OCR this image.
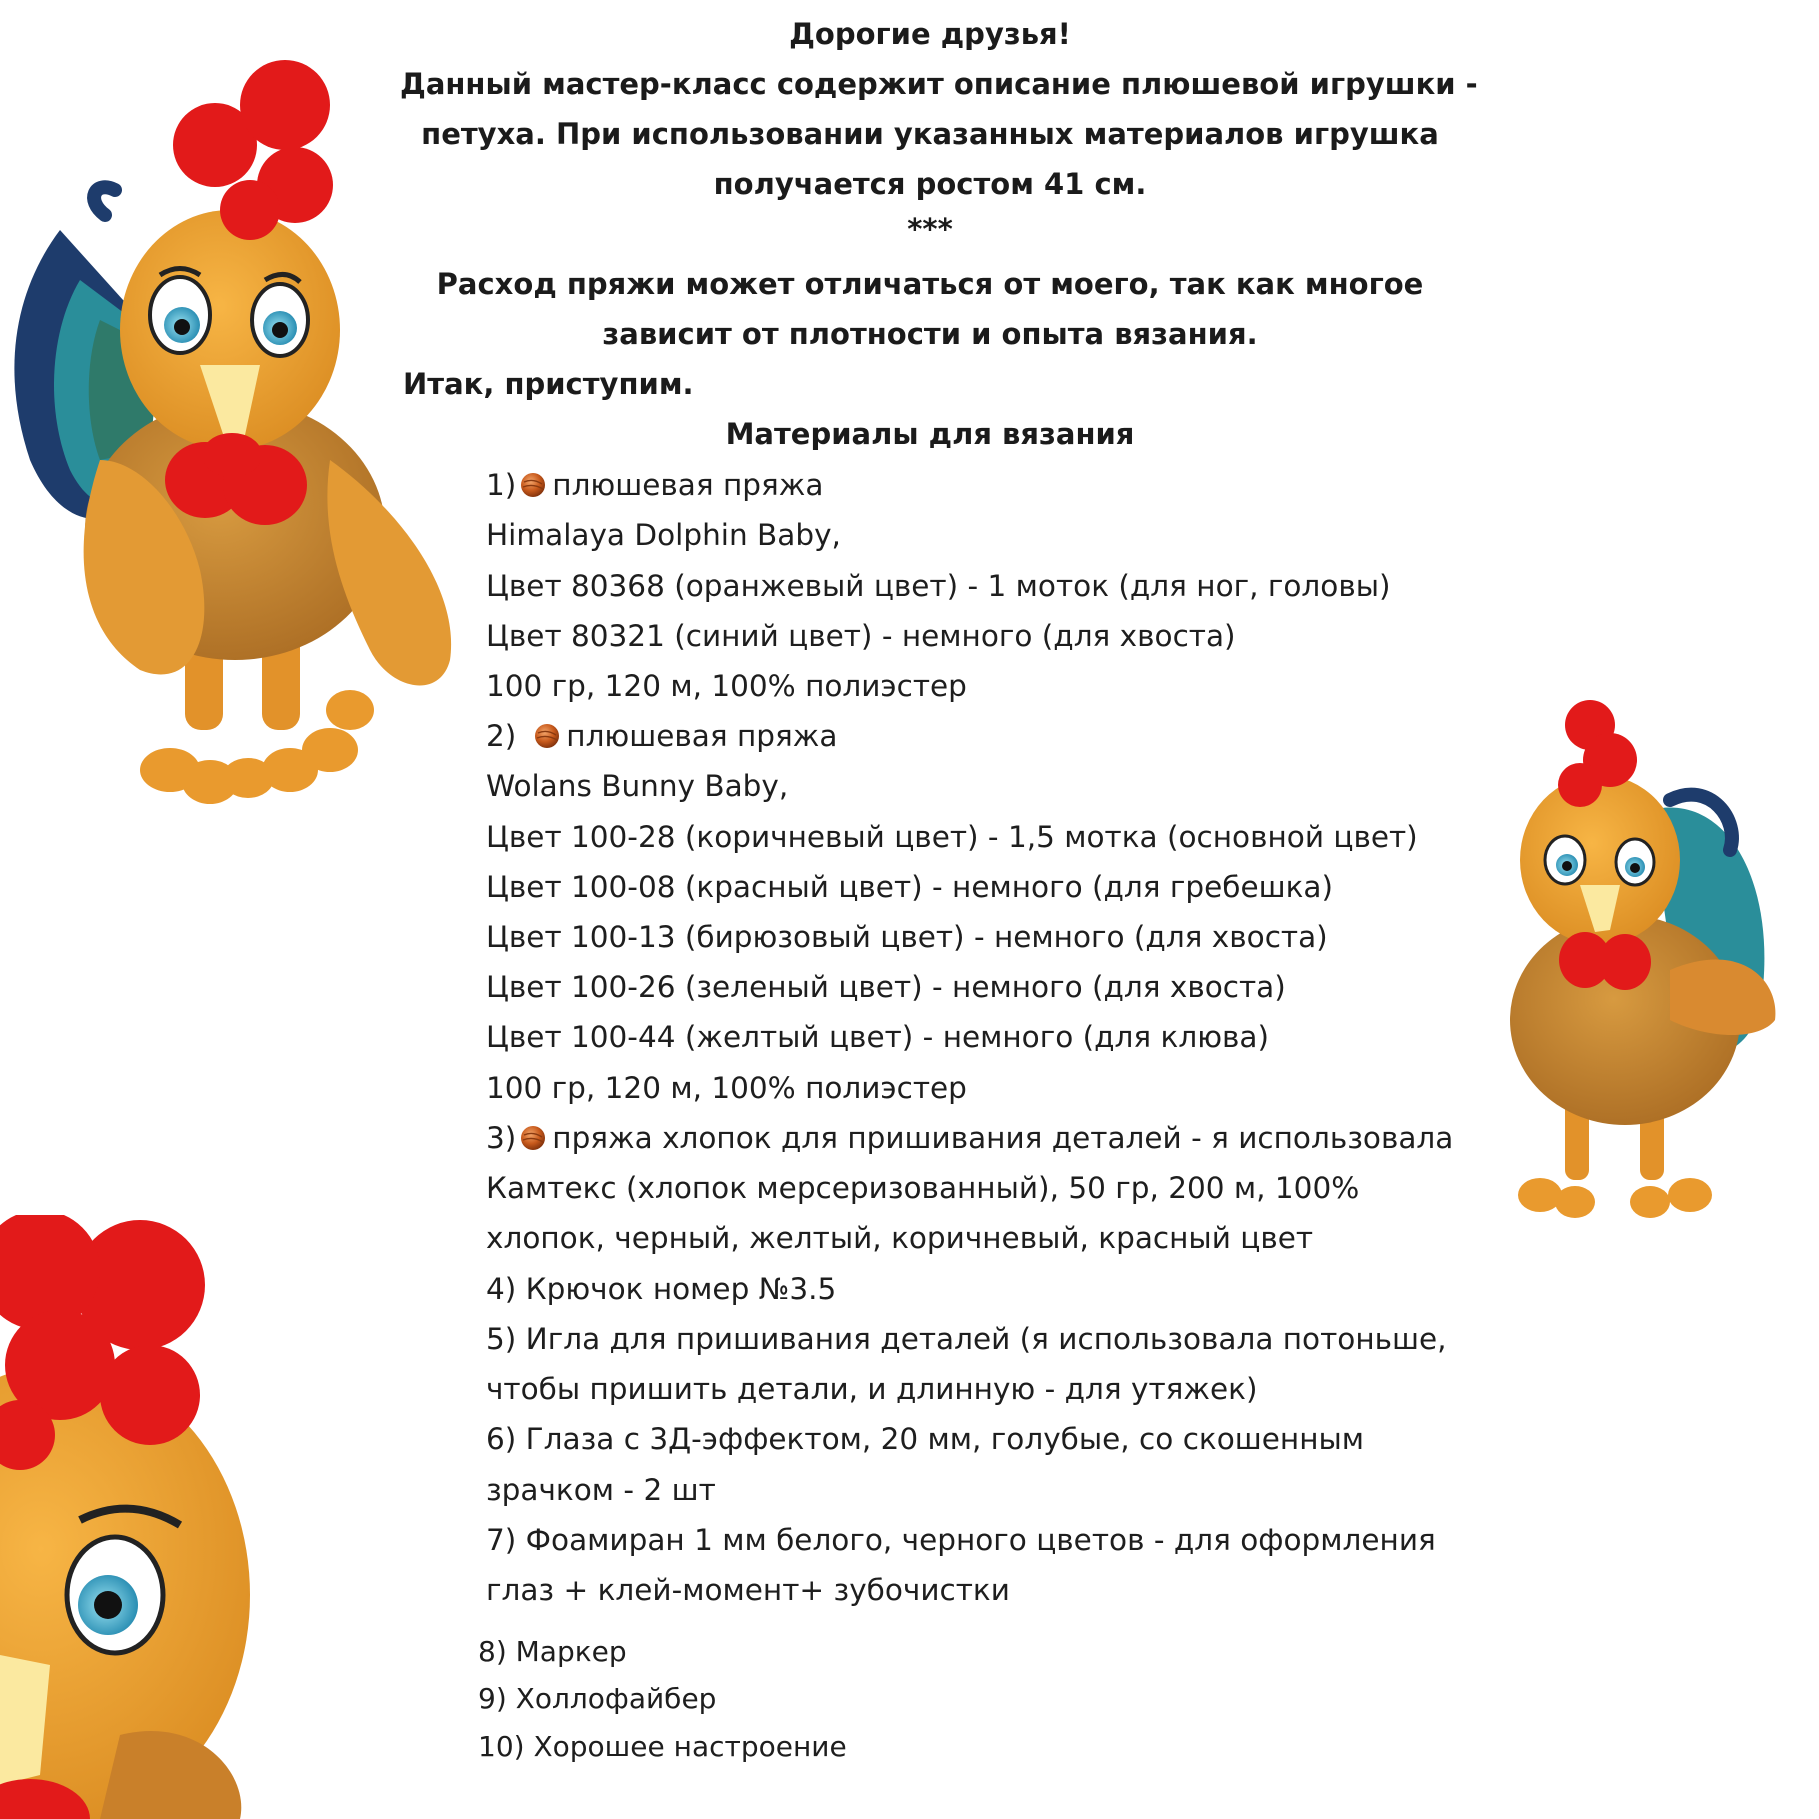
Дорогие друзья!
Данный мастер-класс содержит описание плюшевой игрушки -
петуха. При использовании указанных материалов игрушка
получается ростом 41 см.
***
Расход пряжи может отличаться от моего, так как многое
зависит от плотности и опыта вязания.
Итак, приступим.
Материалы для вязания
1) плюшевая пряжа
Himalaya Dolphin Baby,
Цвет 80368 (оранжевый цвет) - 1 моток (для ног, головы)
Цвет 80321 (синий цвет) - немного (для хвоста)
100 гр, 120 м, 100% полиэстер
2) плюшевая пряжа
Wolans Bunny Baby,
Цвет 100-28 (коричневый цвет) - 1,5 мотка (основной цвет)
Цвет 100-08 (красный цвет) - немного (для гребешка)
Цвет 100-13 (бирюзовый цвет) - немного (для хвоста)
Цвет 100-26 (зеленый цвет) - немного (для хвоста)
Цвет 100-44 (желтый цвет) - немного (для клюва)
100 гр, 120 м, 100% полиэстер
3) пряжа хлопок для пришивания деталей - я использовала
Камтекс (хлопок мерсеризованный), 50 гр, 200 м, 100%
хлопок, черный, желтый, коричневый, красный цвет
4) Крючок номер №3.5
5) Игла для пришивания деталей (я использовала потоньше,
чтобы пришить детали, и длинную - для утяжек)
6) Глаза с 3Д-эффектом, 20 мм, голубые, со скошенным
зрачком - 2 шт
7) Фоамиран 1 мм белого, черного цветов - для оформления
глаз + клей-момент+ зубочистки
8) Маркер
9) Холлофайбер
10) Хорошее настроение
